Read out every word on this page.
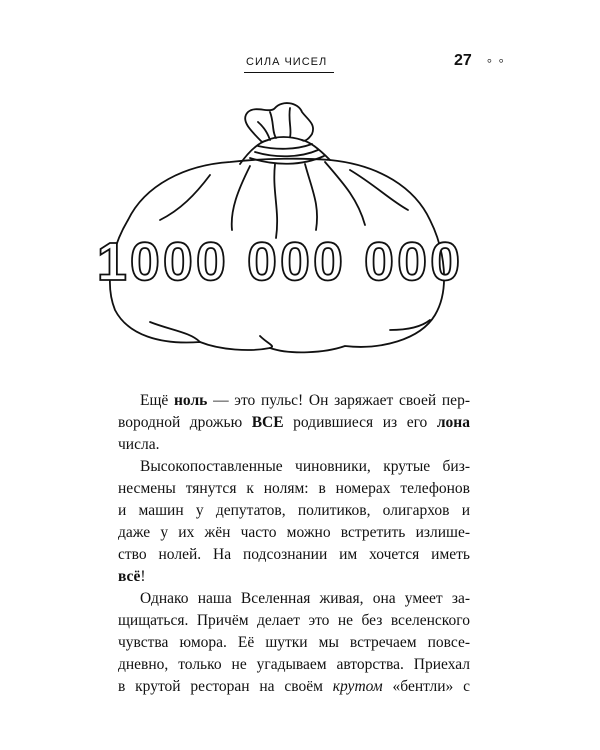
СИЛА ЧИСЕЛ	27 ° °
1000 000 000

Ещё ноль — это пульс! Он заряжает своей пер-
вородной дрожью ВСЕ родившиеся из его лона
числа.

Высокопоставленные чиновники, крутые биз-
несмены тянутся к нолям: в номерах телефонов
и машин у депутатов, политиков, олигархов и
даже у их жён часто можно встретить излише-
ство нолей. На подсознании им хочется иметь
всё!

Однако наша Вселенная живая, она умеет за-
щищаться. Причём делает это не без вселенского
чувства юмора. Её шутки мы встречаем повсе-
дневно, только не угадываем авторства. Приехал
в крутой ресторан на своём крутом «бентли» с
